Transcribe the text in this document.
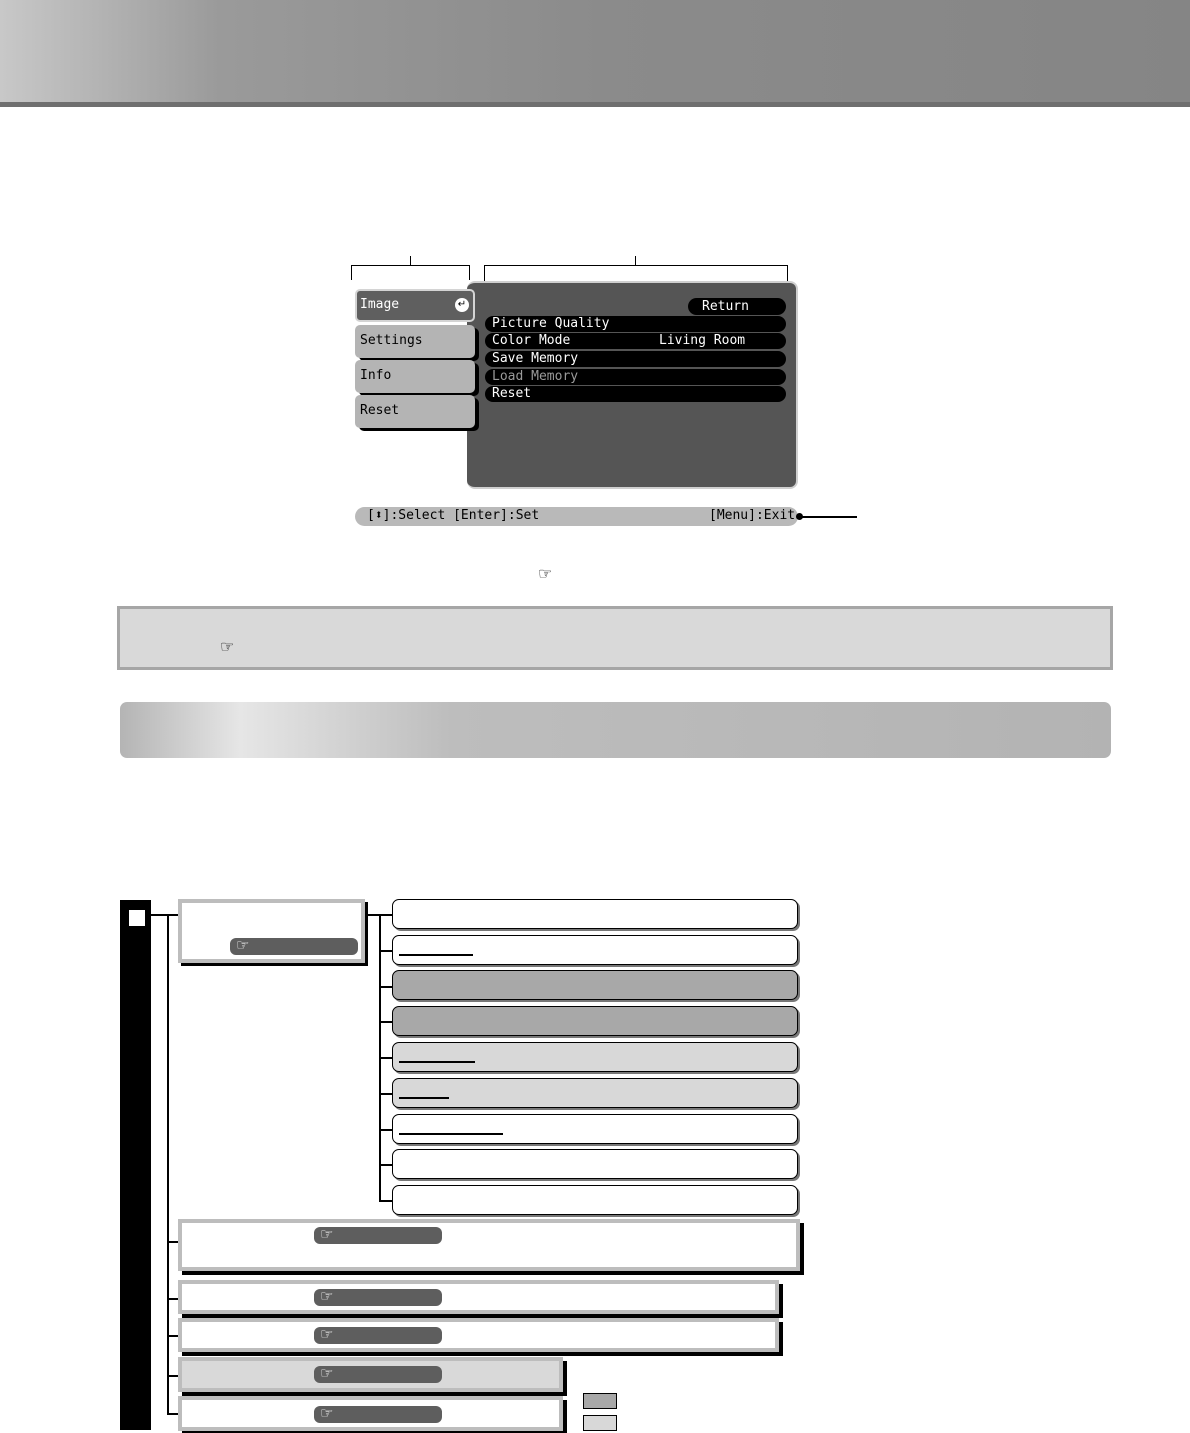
Image	↵
Settings
Info
Reset
Return
Picture Quality
Color Mode	Living Room
Save Memory
Load Memory
Reset
[⬍]:Select [Enter]:Set	[Menu]:Exit
☞
☞
☞
☞
☞
☞
☞
☞
